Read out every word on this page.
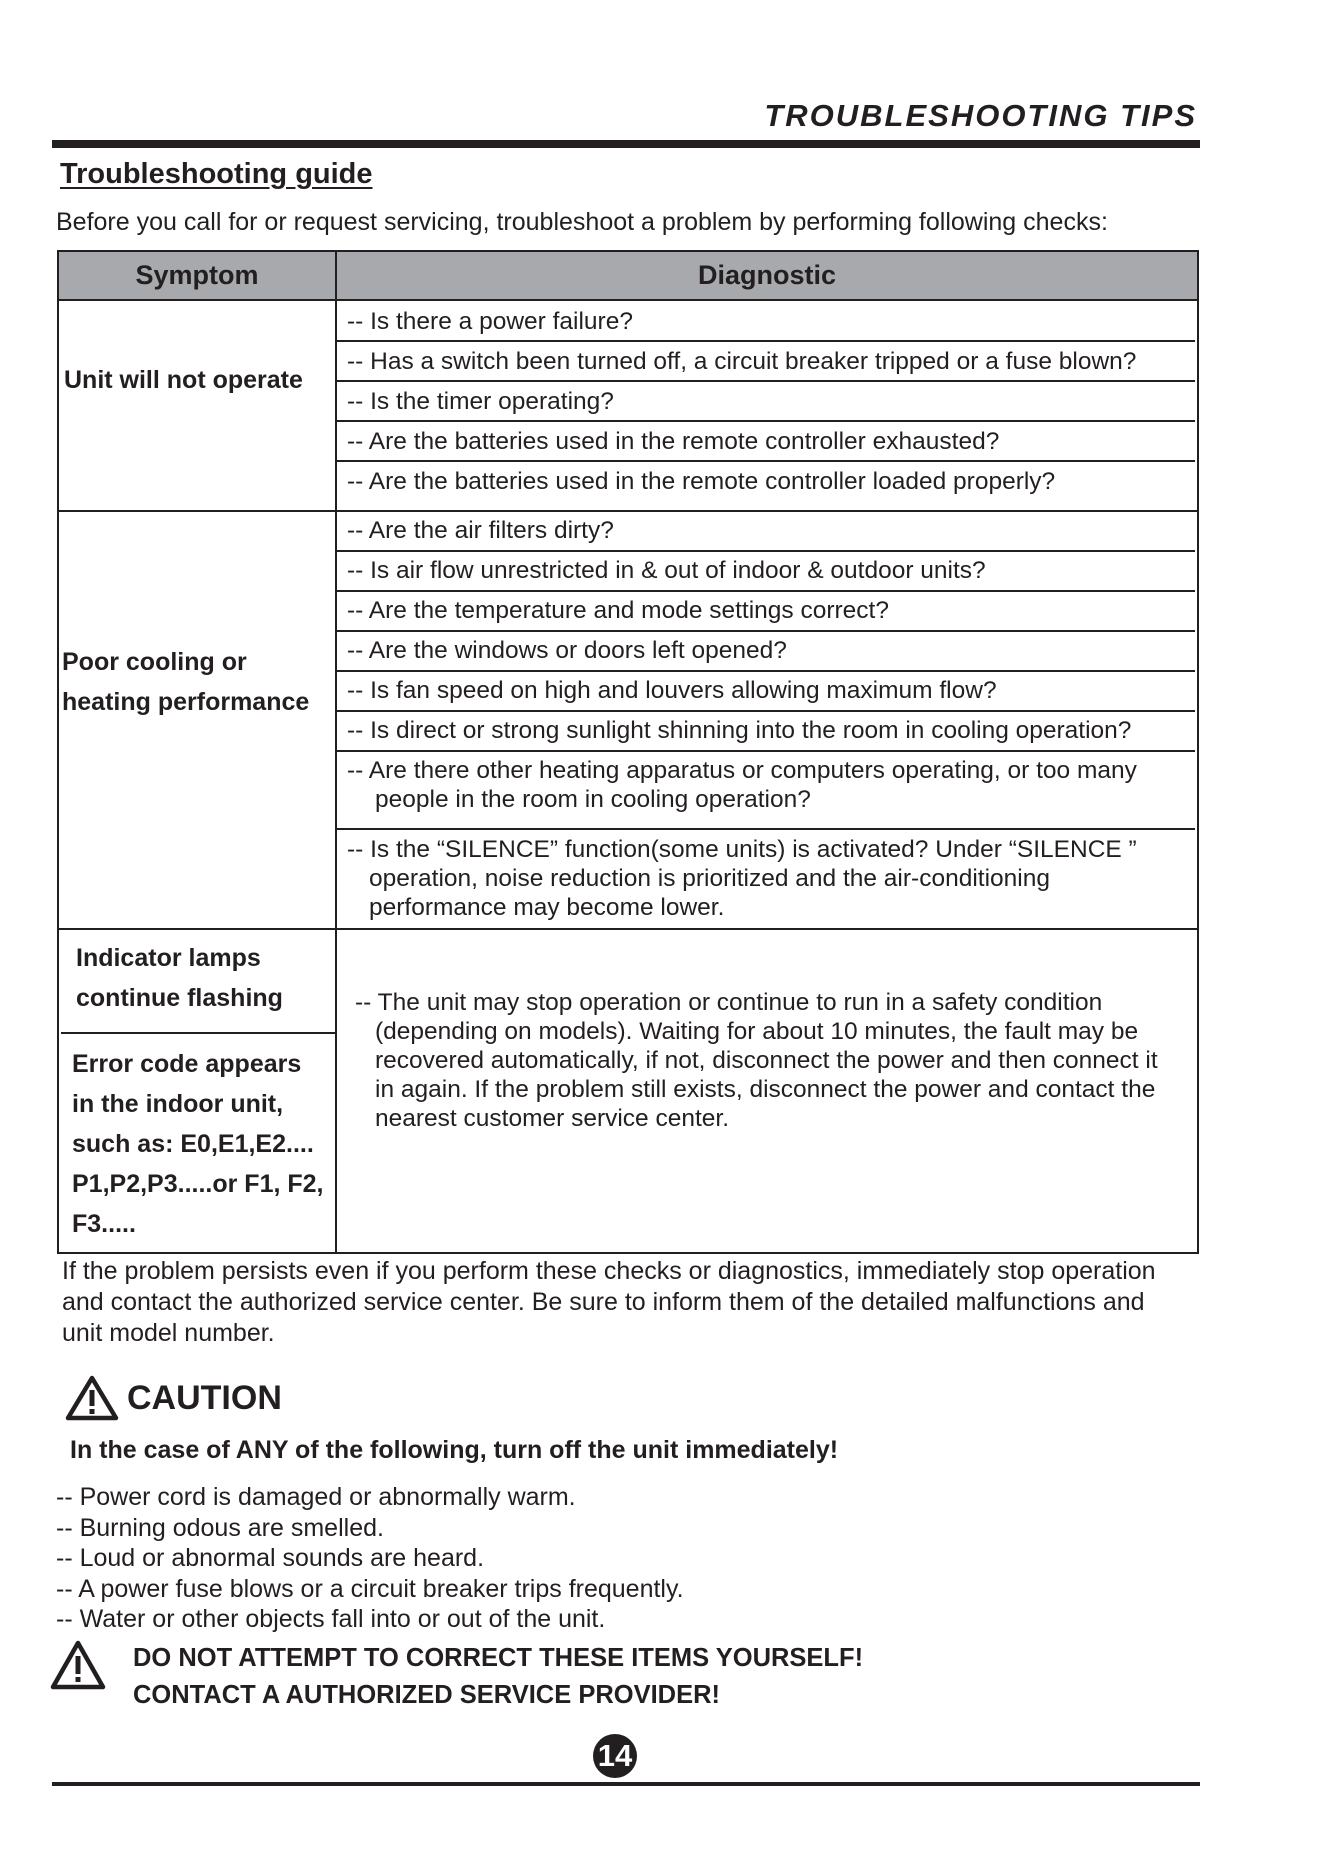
TROUBLESHOOTING TIPS
Troubleshooting guide
Before you call for or request servicing, troubleshoot a problem by performing following checks:
Symptom	Diagnostic
Unit will not operate
-- Is there a power failure?
-- Has a switch been turned off, a circuit breaker tripped or a fuse blown?
-- Is the timer operating?
-- Are the batteries used in the remote controller exhausted?
-- Are the batteries used in the remote controller loaded properly?
Poor cooling or
heating performance
-- Are the air filters dirty?
-- Is air flow unrestricted in & out of indoor & outdoor units?
-- Are the temperature and mode settings correct?
-- Are the windows or doors left opened?
-- Is fan speed on high and louvers allowing maximum flow?
-- Is direct or strong sunlight shinning into the room in cooling operation?
-- Are there other heating apparatus or computers operating, or too many
people in the room in cooling operation?
-- Is the “SILENCE” function(some units) is activated? Under “SILENCE ”
operation, noise reduction is prioritized and the air-conditioning
performance may become lower.
Indicator lamps
continue flashing
Error code appears
in the indoor unit,
such as: E0,E1,E2....
P1,P2,P3.....or F1, F2,
F3.....
-- The unit may stop operation or continue to run in a safety condition
(depending on models). Waiting for about 10 minutes, the fault may be
recovered automatically, if not, disconnect the power and then connect it
in again. If the problem still exists, disconnect the power and contact the
nearest customer service center.
If the problem persists even if you perform these checks or diagnostics, immediately stop operation
and contact the authorized service center. Be sure to inform them of the detailed malfunctions and
unit model number.
CAUTION
In the case of ANY of the following, turn off the unit immediately!
-- Power cord is damaged or abnormally warm.
-- Burning odous are smelled.
-- Loud or abnormal sounds are heard.
-- A power fuse blows or a circuit breaker trips frequently.
-- Water or other objects fall into or out of the unit.
DO NOT ATTEMPT TO CORRECT THESE ITEMS YOURSELF!
CONTACT A AUTHORIZED SERVICE PROVIDER!
14
